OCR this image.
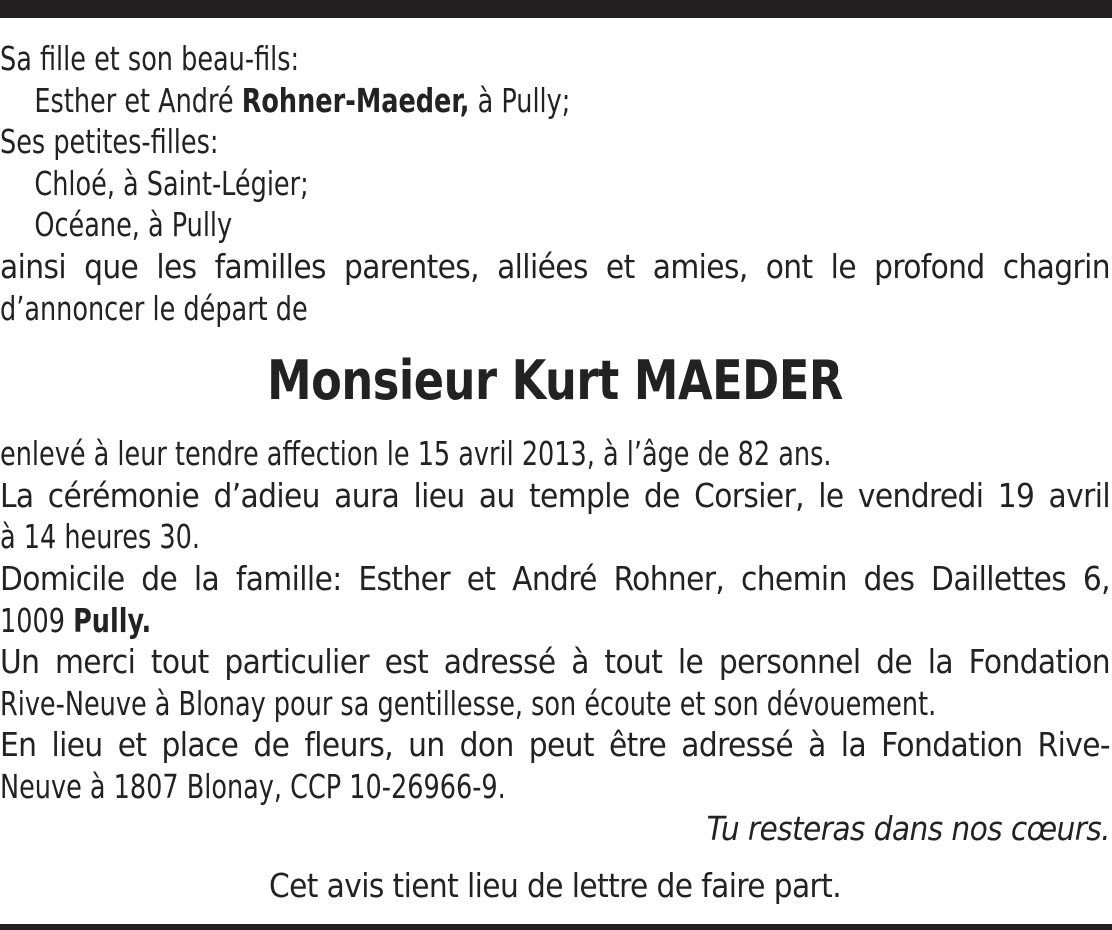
Sa fille et son beau-fils:
Esther et André Rohner-Maeder, à Pully;
Ses petites-filles:
Chloé, à Saint-Légier;
Océane, à Pully
ainsi que les familles parentes, alliées et amies, ont le profond chagrin
d’annoncer le départ de
Monsieur Kurt MAEDER
enlevé à leur tendre affection le 15 avril 2013, à l’âge de 82 ans.
La cérémonie d’adieu aura lieu au temple de Corsier, le vendredi 19 avril
à 14 heures 30.
Domicile de la famille: Esther et André Rohner, chemin des Daillettes 6,
1009 Pully.
Un merci tout particulier est adressé à tout le personnel de la Fondation
Rive-Neuve à Blonay pour sa gentillesse, son écoute et son dévouement.
En lieu et place de fleurs, un don peut être adressé à la Fondation Rive-
Neuve à 1807 Blonay, CCP 10-26966-9.
Tu resteras dans nos cœurs.
Cet avis tient lieu de lettre de faire part.
